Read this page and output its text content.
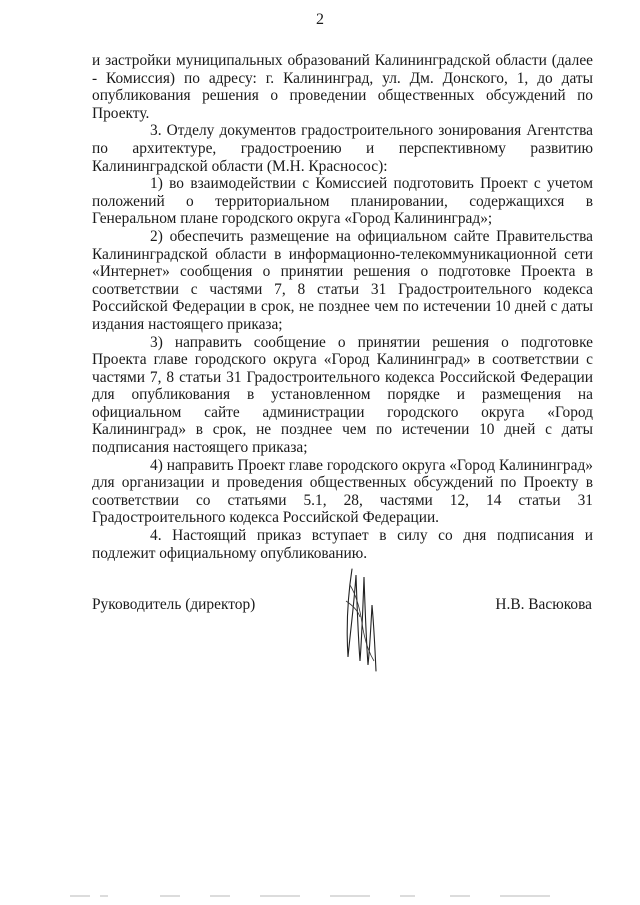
2

и застройки муниципальных образований Калининградской области (далее - Комиссия) по адресу: г. Калининград, ул. Дм. Донского, 1, до даты опубликования решения о проведении общественных обсуждений по Проекту.

3. Отделу документов градостроительного зонирования Агентства по архитектуре, градостроению и перспективному развитию Калининградской области (М.Н. Красносос):

1) во взаимодействии с Комиссией подготовить Проект с учетом положений о территориальном планировании, содержащихся в Генеральном плане городского округа «Город Калининград»;

2) обеспечить размещение на официальном сайте Правительства Калининградской области в информационно-телекоммуникационной сети «Интернет» сообщения о принятии решения о подготовке Проекта в соответствии с частями 7, 8 статьи 31 Градостроительного кодекса Российской Федерации в срок, не позднее чем по истечении 10 дней с даты издания настоящего приказа;

3) направить сообщение о принятии решения о подготовке Проекта главе городского округа «Город Калининград» в соответствии с частями 7, 8 статьи 31 Градостроительного кодекса Российской Федерации для опубликования в установленном порядке и размещения на официальном сайте администрации городского округа «Город Калининград» в срок, не позднее чем по истечении 10 дней с даты подписания настоящего приказа;

4) направить Проект главе городского округа «Город Калининград» для организации и проведения общественных обсуждений по Проекту в соответствии со статьями 5.1, 28, частями 12, 14 статьи 31 Градостроительного кодекса Российской Федерации.

4. Настоящий приказ вступает в силу со дня подписания и подлежит официальному опубликованию.

Руководитель (директор)	Н.В. Васюкова
